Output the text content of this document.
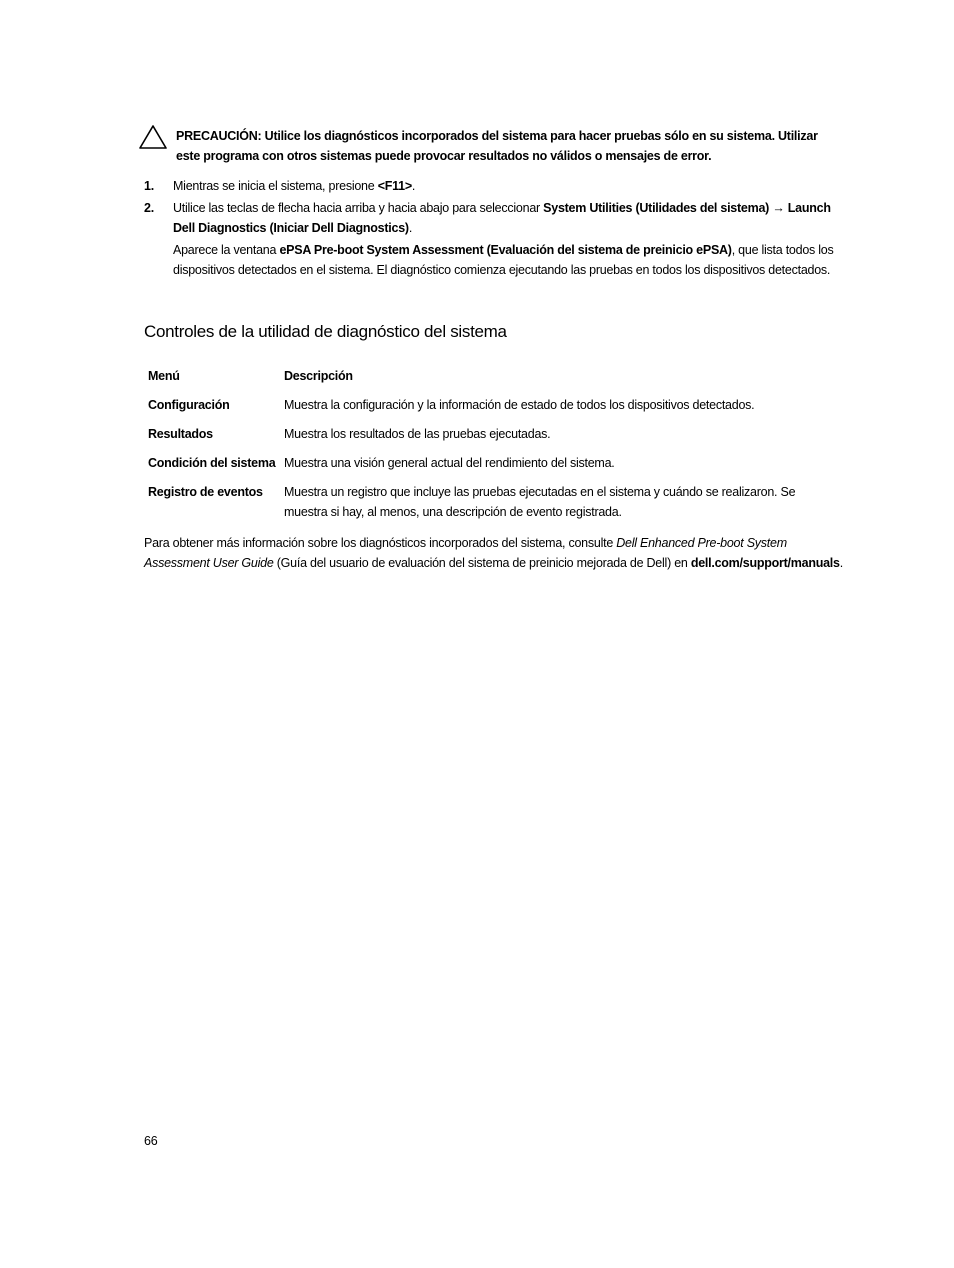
PRECAUCIÓN: Utilice los diagnósticos incorporados del sistema para hacer pruebas sólo en su sistema. Utilizar este programa con otros sistemas puede provocar resultados no válidos o mensajes de error.
1. Mientras se inicia el sistema, presione <F11>.
2. Utilice las teclas de flecha hacia arriba y hacia abajo para seleccionar System Utilities (Utilidades del sistema) → Launch Dell Diagnostics (Iniciar Dell Diagnostics).
Aparece la ventana ePSA Pre-boot System Assessment (Evaluación del sistema de preinicio ePSA), que lista todos los dispositivos detectados en el sistema. El diagnóstico comienza ejecutando las pruebas en todos los dispositivos detectados.
Controles de la utilidad de diagnóstico del sistema
Menú	Descripción
Configuración	Muestra la configuración y la información de estado de todos los dispositivos detectados.
Resultados	Muestra los resultados de las pruebas ejecutadas.
Condición del sistema	Muestra una visión general actual del rendimiento del sistema.
Registro de eventos	Muestra un registro que incluye las pruebas ejecutadas en el sistema y cuándo se realizaron. Se muestra si hay, al menos, una descripción de evento registrada.
Para obtener más información sobre los diagnósticos incorporados del sistema, consulte Dell Enhanced Pre-boot System Assessment User Guide (Guía del usuario de evaluación del sistema de preinicio mejorada de Dell) en dell.com/support/manuals.
66
